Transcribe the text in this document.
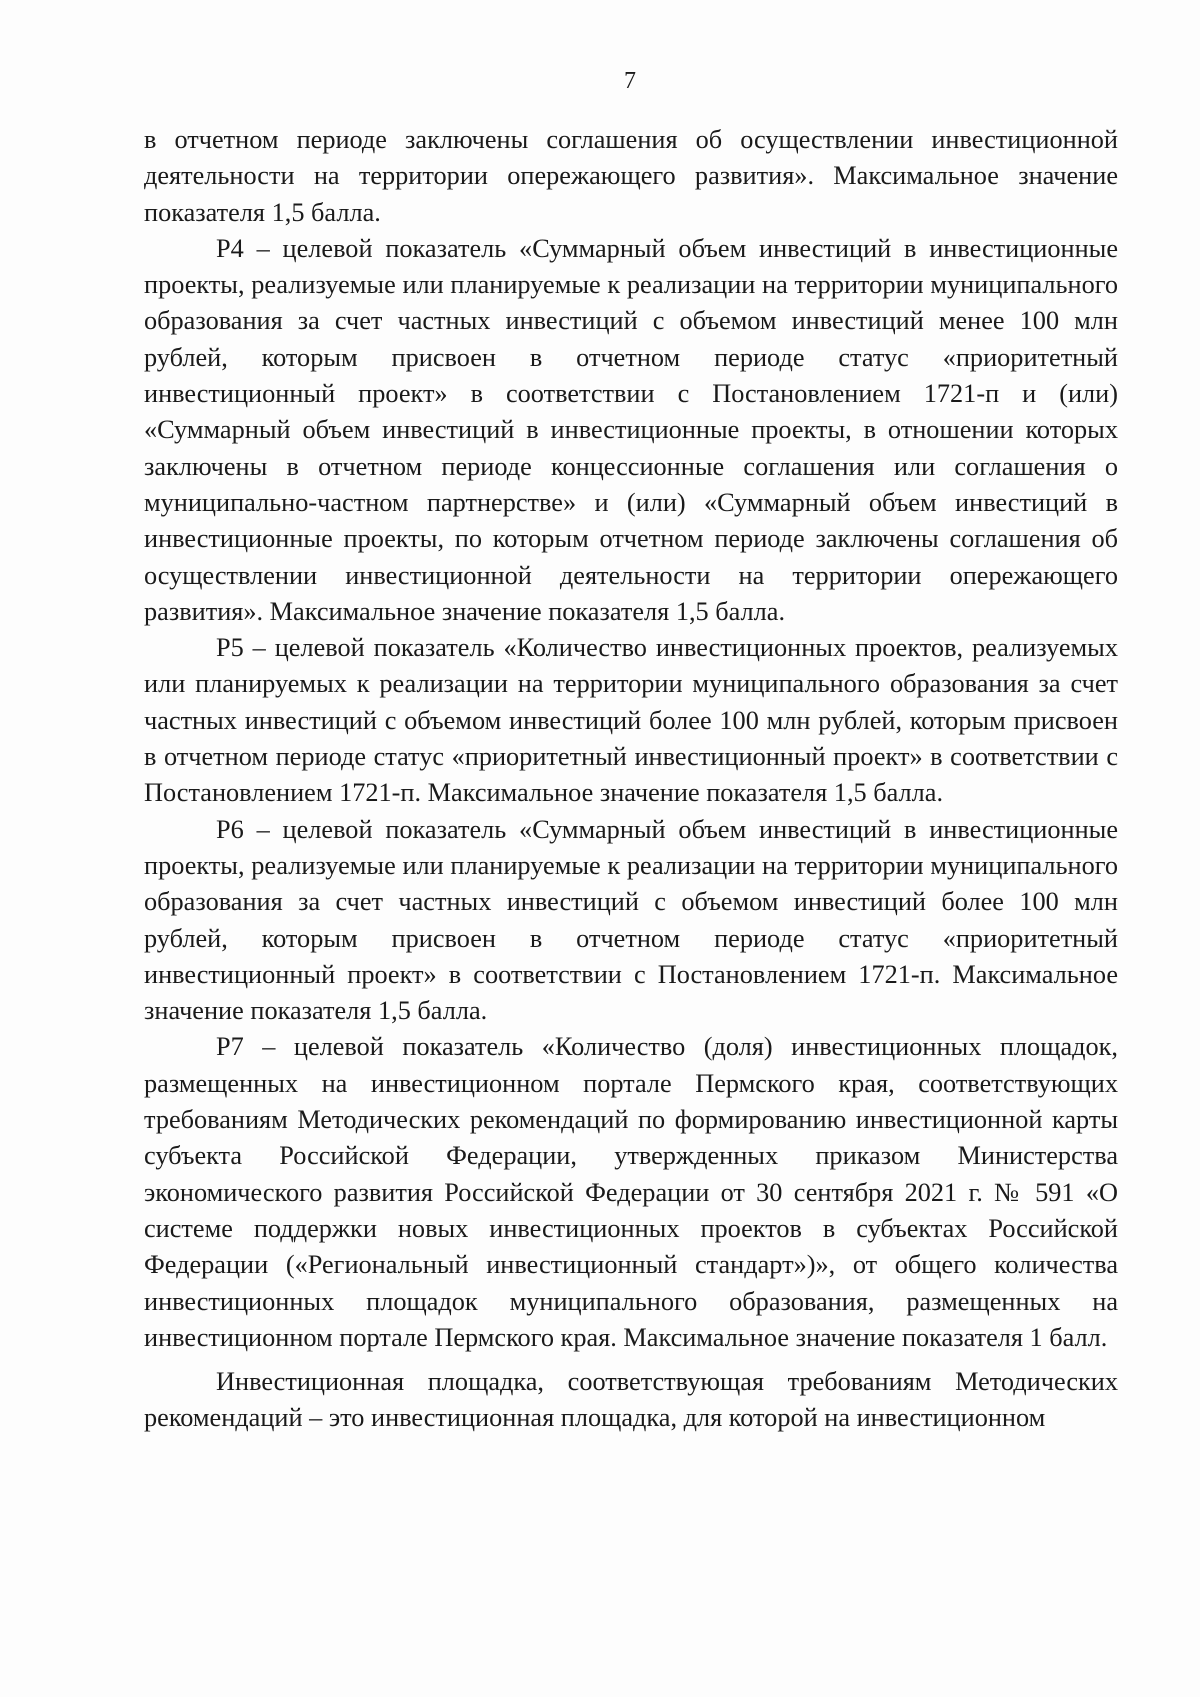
7

в отчетном периоде заключены соглашения об осуществлении инвестиционной деятельности на территории опережающего развития». Максимальное значение показателя 1,5 балла.

Р4 – целевой показатель «Суммарный объем инвестиций в инвестиционные проекты, реализуемые или планируемые к реализации на территории муниципального образования за счет частных инвестиций с объемом инвестиций менее 100 млн рублей, которым присвоен в отчетном периоде статус «приоритетный инвестиционный проект» в соответствии с Постановлением 1721-п и (или) «Суммарный объем инвестиций в инвестиционные проекты, в отношении которых заключены в отчетном периоде концессионные соглашения или соглашения о муниципально-частном партнерстве» и (или) «Суммарный объем инвестиций в инвестиционные проекты, по которым отчетном периоде заключены соглашения об осуществлении инвестиционной деятельности на территории опережающего развития». Максимальное значение показателя 1,5 балла.

Р5 – целевой показатель «Количество инвестиционных проектов, реализуемых или планируемых к реализации на территории муниципального образования за счет частных инвестиций с объемом инвестиций более 100 млн рублей, которым присвоен в отчетном периоде статус «приоритетный инвестиционный проект» в соответствии с Постановлением 1721-п. Максимальное значение показателя 1,5 балла.

Р6 – целевой показатель «Суммарный объем инвестиций в инвестиционные проекты, реализуемые или планируемые к реализации на территории муниципального образования за счет частных инвестиций с объемом инвестиций более 100 млн рублей, которым присвоен в отчетном периоде статус «приоритетный инвестиционный проект» в соответствии с Постановлением 1721-п. Максимальное значение показателя 1,5 балла.

Р7 – целевой показатель «Количество (доля) инвестиционных площадок, размещенных на инвестиционном портале Пермского края, соответствующих требованиям Методических рекомендаций по формированию инвестиционной карты субъекта Российской Федерации, утвержденных приказом Министерства экономического развития Российской Федерации от 30 сентября 2021 г. № 591 «О системе поддержки новых инвестиционных проектов в субъектах Российской Федерации («Региональный инвестиционный стандарт»)», от общего количества инвестиционных площадок муниципального образования, размещенных на инвестиционном портале Пермского края. Максимальное значение показателя 1 балл.

Инвестиционная площадка, соответствующая требованиям Методических рекомендаций – это инвестиционная площадка, для которой на инвестиционном
